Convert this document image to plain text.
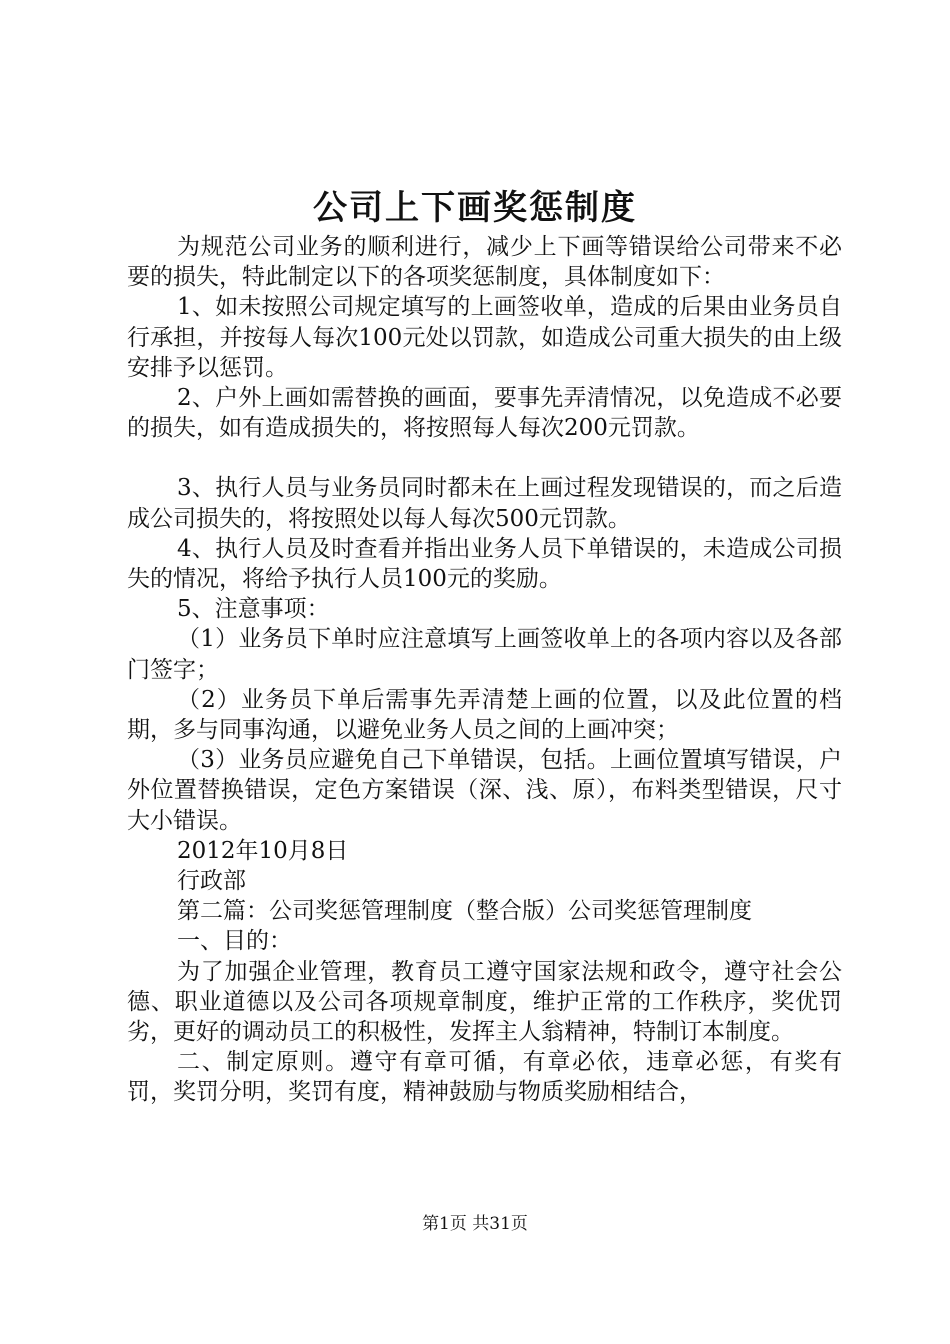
公司上下画奖惩制度

为规范公司业务的顺利进行，减少上下画等错误给公司带来不必要的损失，特此制定以下的各项奖惩制度，具体制度如下：

1、如未按照公司规定填写的上画签收单，造成的后果由业务员自行承担，并按每人每次100元处以罚款，如造成公司重大损失的由上级安排予以惩罚。

2、户外上画如需替换的画面，要事先弄清情况，以免造成不必要的损失，如有造成损失的，将按照每人每次200元罚款。

3、执行人员与业务员同时都未在上画过程发现错误的，而之后造成公司损失的，将按照处以每人每次500元罚款。

4、执行人员及时查看并指出业务人员下单错误的，未造成公司损失的情况，将给予执行人员100元的奖励。

5、注意事项：

（1）业务员下单时应注意填写上画签收单上的各项内容以及各部门签字；

（2）业务员下单后需事先弄清楚上画的位置，以及此位置的档期，多与同事沟通，以避免业务人员之间的上画冲突；

（3）业务员应避免自己下单错误，包括。上画位置填写错误，户外位置替换错误，定色方案错误（深、浅、原），布料类型错误，尺寸大小错误。

2012年10月8日

行政部

第二篇：公司奖惩管理制度（整合版）公司奖惩管理制度

一、目的：

为了加强企业管理，教育员工遵守国家法规和政令，遵守社会公德、职业道德以及公司各项规章制度，维护正常的工作秩序，奖优罚劣，更好的调动员工的积极性，发挥主人翁精神，特制订本制度。

二、制定原则。遵守有章可循，有章必依，违章必惩，有奖有罚，奖罚分明，奖罚有度，精神鼓励与物质奖励相结合，

第1页 共31页
